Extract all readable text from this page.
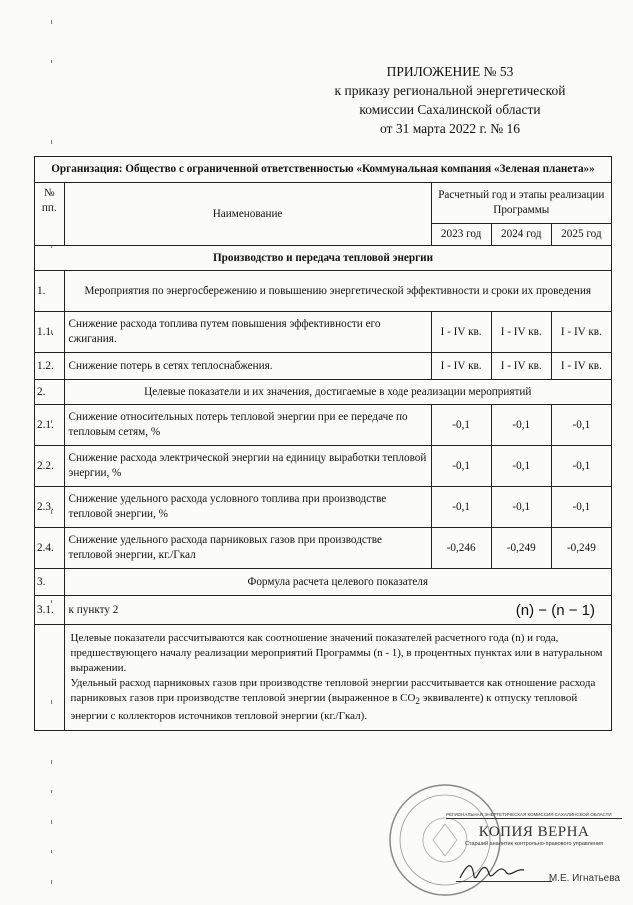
ПРИЛОЖЕНИЕ № 53
к приказу региональной энергетической
комиссии Сахалинской области
от 31 марта 2022 г. № 16
Организация: Общество с ограниченной ответственностью «Коммунальная компания «Зеленая планета»»				
№ пп.	Наименование	Расчетный год и этапы реализации Программы		
		2023 год	2024 год	2025 год
Производство и передача тепловой энергии				
1.	Мероприятия по энергосбережению и повышению энергетической эффективности и сроки их проведения			
1.1.	Снижение расхода топлива путем повышения эффективности его сжигания.	I - IV кв.	I - IV кв.	I - IV кв.
1.2.	Снижение потерь в сетях теплоснабжения.	I - IV кв.	I - IV кв.	I - IV кв.
2.	Целевые показатели и их значения, достигаемые в ходе реализации мероприятий			
2.1.	Снижение относительных потерь тепловой энергии при ее передаче по тепловым сетям, %	-0,1	-0,1	-0,1
2.2.	Снижение расхода электрической энергии на единицу выработки тепловой энергии, %	-0,1	-0,1	-0,1
2.3.	Снижение удельного расхода условного топлива при производстве тепловой энергии, %	-0,1	-0,1	-0,1
2.4.	Снижение удельного расхода парниковых газов при производстве тепловой энергии, кг./Гкал	-0,246	-0,249	-0,249
3.	Формула расчета целевого показателя			
3.1.	к пункту 2	(n) − (n − 1)		

	Целевые показатели рассчитываются как соотношение значений показателей расчетного года (n) и года, предшествующего началу реализации мероприятий Программы (n - 1), в процентных пунктах или в натуральном выражении.
Удельный расход парниковых газов при производстве тепловой энергии рассчитывается как отношение расхода парниковых газов при производстве тепловой энергии (выраженное в $CO_2$ эквиваленте) к отпуску тепловой энергии с коллекторов источников тепловой энергии (кг./Гкал).			
РЕГИОНАЛЬНАЯ ЭНЕРГЕТИЧЕСКАЯ КОМИССИЯ САХАЛИНСКОЙ ОБЛАСТИ
КОПИЯ ВЕРНА
Старший аналитик контрольно-правового управления
М.Е. Игнатьева
